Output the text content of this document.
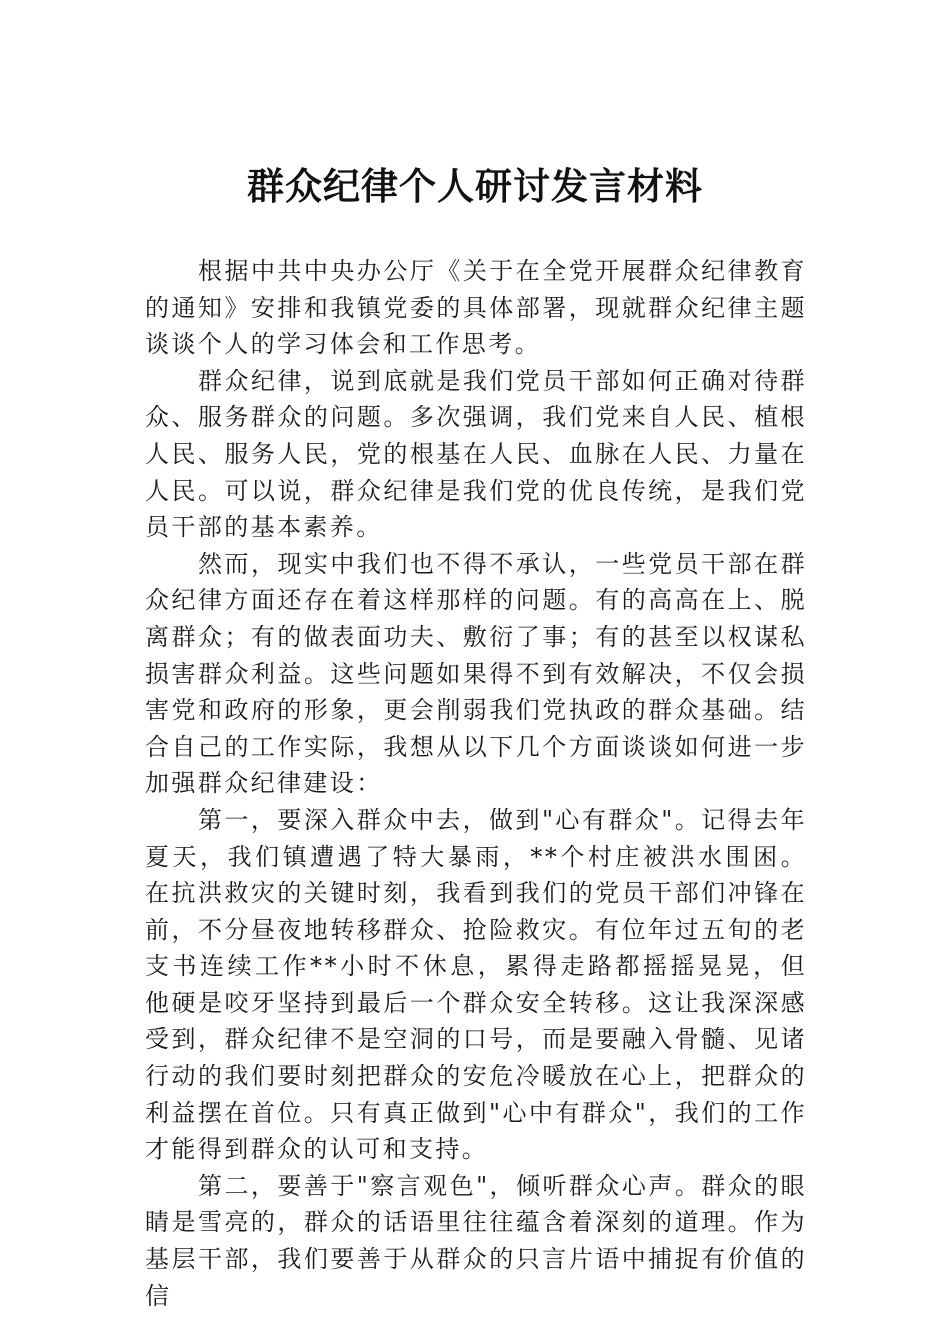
群众纪律个人研讨发言材料

根据中共中央办公厅《关于在全党开展群众纪律教育的通知》安排和我镇党委的具体部署，现就群众纪律主题谈谈个人的学习体会和工作思考。

群众纪律，说到底就是我们党员干部如何正确对待群众、服务群众的问题。多次强调，我们党来自人民、植根人民、服务人民，党的根基在人民、血脉在人民、力量在人民。可以说，群众纪律是我们党的优良传统，是我们党员干部的基本素养。

然而，现实中我们也不得不承认，一些党员干部在群众纪律方面还存在着这样那样的问题。有的高高在上、脱离群众；有的做表面功夫、敷衍了事；有的甚至以权谋私损害群众利益。这些问题如果得不到有效解决，不仅会损害党和政府的形象，更会削弱我们党执政的群众基础。结合自己的工作实际，我想从以下几个方面谈谈如何进一步加强群众纪律建设：

第一，要深入群众中去，做到"心有群众"。记得去年夏天，我们镇遭遇了特大暴雨，**个村庄被洪水围困。在抗洪救灾的关键时刻，我看到我们的党员干部们冲锋在前，不分昼夜地转移群众、抢险救灾。有位年过五旬的老支书连续工作**小时不休息，累得走路都摇摇晃晃，但他硬是咬牙坚持到最后一个群众安全转移。这让我深深感受到，群众纪律不是空洞的口号，而是要融入骨髓、见诸行动的我们要时刻把群众的安危冷暖放在心上，把群众的利益摆在首位。只有真正做到"心中有群众"，我们的工作才能得到群众的认可和支持。

第二，要善于"察言观色"，倾听群众心声。群众的眼睛是雪亮的，群众的话语里往往蕴含着深刻的道理。作为基层干部，我们要善于从群众的只言片语中捕捉有价值的信
